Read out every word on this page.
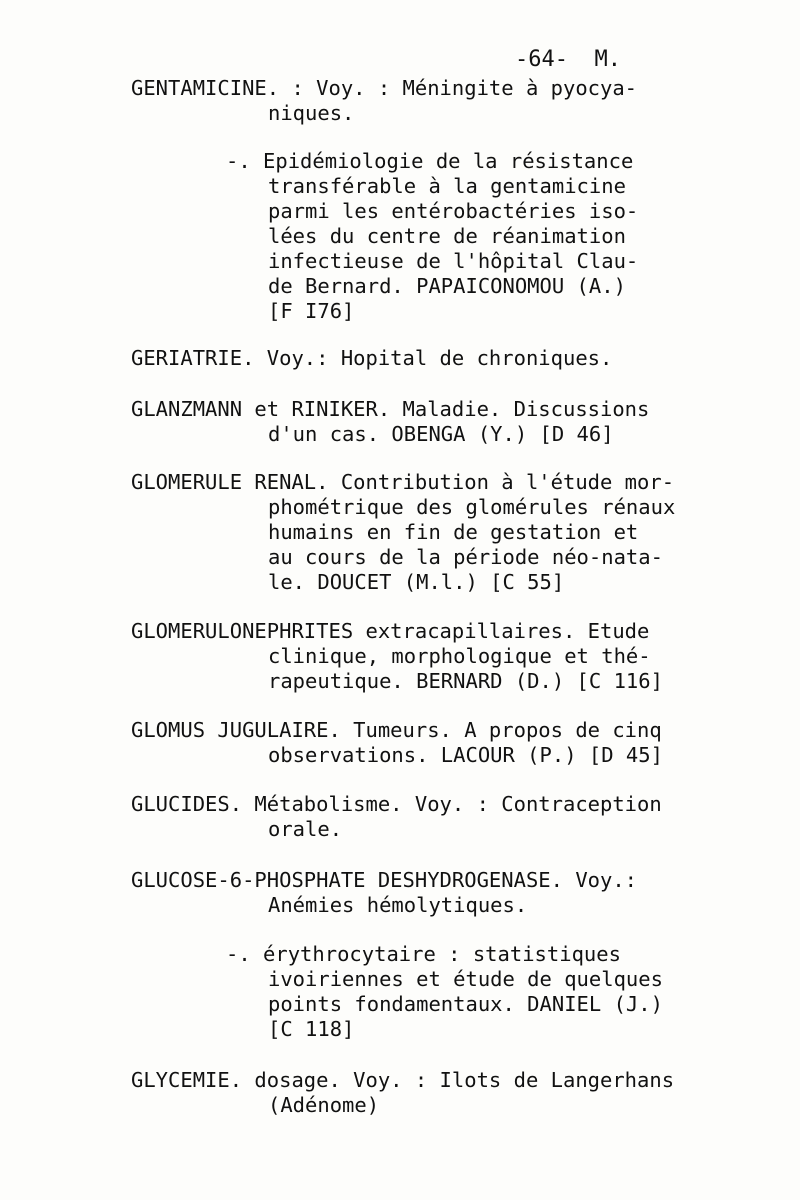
-64- M.

GENTAMICINE. : Voy. : Méningite à pyocya-
niques.
-. Epidémiologie de la résistance
transférable à la gentamicine
parmi les entérobactéries iso-
lées du centre de réanimation
infectieuse de l'hôpital Clau-
de Bernard. PAPAICONOMOU (A.)
[F I76]
GERIATRIE. Voy.: Hopital de chroniques.
GLANZMANN et RINIKER. Maladie. Discussions
d'un cas. OBENGA (Y.) [D 46]
GLOMERULE RENAL. Contribution à l'étude mor-
phométrique des glomérules rénaux
humains en fin de gestation et
au cours de la période néo-nata-
le. DOUCET (M.l.) [C 55]
GLOMERULONEPHRITES extracapillaires. Etude
clinique, morphologique et thé-
rapeutique. BERNARD (D.) [C 116]
GLOMUS JUGULAIRE. Tumeurs. A propos de cinq
observations. LACOUR (P.) [D 45]
GLUCIDES. Métabolisme. Voy. : Contraception
orale.
GLUCOSE-6-PHOSPHATE DESHYDROGENASE. Voy.:
Anémies hémolytiques.
-. érythrocytaire : statistiques
ivoiriennes et étude de quelques
points fondamentaux. DANIEL (J.)
[C 118]
GLYCEMIE. dosage. Voy. : Ilots de Langerhans
(Adénome)
